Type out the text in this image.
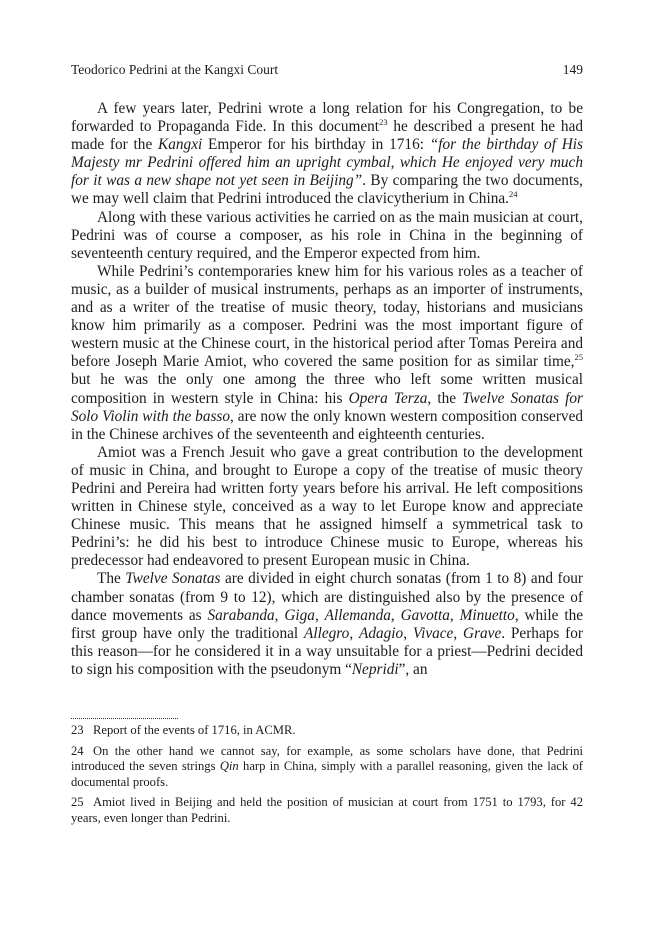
Teodorico Pedrini at the Kangxi Court	149

A few years later, Pedrini wrote a long relation for his Congregation, to be forwarded to Propaganda Fide. In this document$^{23}$ he described a present he had made for the Kangxi Emperor for his birthday in 1716: “for the birthday of His Majesty mr Pedrini offered him an upright cymbal, which He enjoyed very much for it was a new shape not yet seen in Beijing”. By comparing the two documents, we may well claim that Pedrini introduced the clavicytherium in China.$^{24}$

Along with these various activities he carried on as the main musician at court, Pedrini was of course a composer, as his role in China in the beginning of seventeenth century required, and the Emperor expected from him.

While Pedrini’s contemporaries knew him for his various roles as a teacher of music, as a builder of musical instruments, perhaps as an importer of instruments, and as a writer of the treatise of music theory, today, historians and musicians know him primarily as a composer. Pedrini was the most important figure of western music at the Chinese court, in the historical period after Tomas Pereira and before Joseph Marie Amiot, who covered the same position for as similar time,$^{25}$ but he was the only one among the three who left some written musical composition in western style in China: his Opera Terza, the Twelve Sonatas for Solo Violin with the basso, are now the only known western composition conserved in the Chinese archives of the seventeenth and eighteenth centuries.

Amiot was a French Jesuit who gave a great contribution to the development of music in China, and brought to Europe a copy of the treatise of music theory Pedrini and Pereira had written forty years before his arrival. He left compositions written in Chinese style, conceived as a way to let Europe know and appreciate Chinese music. This means that he assigned himself a symmetrical task to Pedrini’s: he did his best to introduce Chinese music to Europe, whereas his predecessor had endeavored to present European music in China.

The Twelve Sonatas are divided in eight church sonatas (from 1 to 8) and four chamber sonatas (from 9 to 12), which are distinguished also by the presence of dance movements as Sarabanda, Giga, Allemanda, Gavotta, Minuetto, while the first group have only the traditional Allegro, Adagio, Vivace, Grave. Perhaps for this reason—for he considered it in a way unsuitable for a priest—Pedrini decided to sign his composition with the pseudonym “Nepridi”, an

23 Report of the events of 1716, in ACMR.

24 On the other hand we cannot say, for example, as some scholars have done, that Pedrini introduced the seven strings Qin harp in China, simply with a parallel reasoning, given the lack of documental proofs.

25 Amiot lived in Beijing and held the position of musician at court from 1751 to 1793, for 42 years, even longer than Pedrini.
